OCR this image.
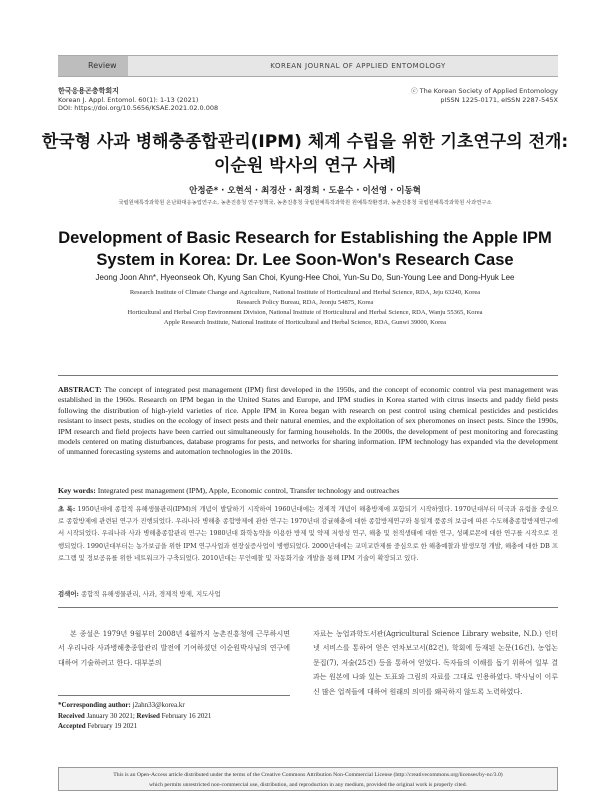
Review	KOREAN JOURNAL OF APPLIED ENTOMOLOGY
한국응용곤충학회지
Korean J. Appl. Entomol. 60(1): 1-13 (2021)
DOI: https://doi.org/10.5656/KSAE.2021.02.0.008
ⓒ The Korean Society of Applied Entomology
pISSN 1225-0171, eISSN 2287-545X
한국형 사과 병해충종합관리(IPM) 체계 수립을 위한 기초연구의 전개: 이순원 박사의 연구 사례
안정준* · 오현석 · 최경산 · 최경희 · 도윤수 · 이선영 · 이동혁
국립원예특작과학원 온난화대응농업연구소, 농촌진흥청 연구정책국, 농촌진흥청 국립원예특작과학원 원예특작환경과, 농촌진흥청 국립원예특작과학원 사과연구소
Development of Basic Research for Establishing the Apple IPM System in Korea: Dr. Lee Soon-Won's Research Case
Jeong Joon Ahn*, Hyeonseok Oh, Kyung San Choi, Kyung-Hee Choi, Yun-Su Do, Sun-Young Lee and Dong-Hyuk Lee
Research Institute of Climate Change and Agriculture, National Institute of Horticultural and Herbal Science, RDA, Jeju 63240, Korea
Research Policy Bureau, RDA, Jeonju 54875, Korea
Horticultural and Herbal Crop Environment Division, National Institute of Horticultural and Herbal Science, RDA, Wanju 55365, Korea
Apple Research Institute, National Institute of Horticultural and Herbal Science, RDA, Gunwi 39000, Korea
ABSTRACT: The concept of integrated pest management (IPM) first developed in the 1950s, and the concept of economic control via pest management was established in the 1960s. Research on IPM began in the United States and Europe, and IPM studies in Korea started with citrus insects and paddy field pests following the distribution of high-yield varieties of rice. Apple IPM in Korea began with research on pest control using chemical pesticides and pesticides resistant to insect pests, studies on the ecology of insect pests and their natural enemies, and the exploitation of sex pheromones on insect pests. Since the 1990s, IPM research and field projects have been carried out simultaneously for farming households. In the 2000s, the development of pest monitoring and forecasting models centered on mating disturbances, database programs for pests, and networks for sharing information. IPM technology has expanded via the development of unmanned forecasting systems and automation technologies in the 2010s.
Key words: Integrated pest management (IPM), Apple, Economic control, Transfer technology and outreaches
초 록: 1950년대에 종합적 유해생물관리(IPM)의 개념이 발달하기 시작하여 1960년대에는 경제적 개념이 해충방제에 포함되기 시작하였다. 1970년대부터 미국과 유럽을 중심으로 종합방제에 관련된 연구가 진행되었다. 우리나라 병해충 종합방제에 관한 연구는 1970년대 감귤해충에 대한 종합방제연구와 통일계 품종의 보급에 따른 수도해충종합방제연구에서 시작되었다. 우리나라 사과 병해충종합관리 연구는 1980년대 화학농약을 이용한 방제 및 약제 저항성 연구, 해충 및 천적생태에 대한 연구, 성페로몬에 대한 연구를 시작으로 진행되었다. 1990년대부터는 농가보급을 위한 IPM 연구사업과 현장실증사업이 병행되었다. 2000년대에는 교미교란제를 중심으로 한 해충예찰과 발생모형 개발, 해충에 대한 DB 프로그램 및 정보공유를 위한 네트워크가 구축되었다. 2010년대는 무인예찰 및 자동화기술 개발을 통해 IPM 기술이 확장되고 있다.
검색어: 종합적 유해생물관리, 사과, 경제적 방제, 지도사업
본 종설은 1979년 9월부터 2008년 4월까지 농촌진흥청에 근무하시면서 우리나라 사과병해충종합관리 발전에 기여하셨던 이순원박사님의 연구에 대하여 기술하려고 한다. 대부분의
자료는 농업과학도서관(Agricultural Science Library website, N.D.) 인터넷 서비스를 통하여 얻은 연차보고서(82건), 학회에 등재된 논문(16건), 농업논문집(7), 저술(25건) 등을 통하여 얻었다. 독자들의 이해를 돕기 위하여 일부 결과는 원본에 나와 있는 도표와 그림의 자료를 그대로 인용하였다. 박사님이 이루신 많은 업적들에 대하여 원래의 의미를 왜곡하지 않도록 노력하였다.
*Corresponding author: j2ahn33@korea.kr
Received January 30 2021; Revised February 16 2021
Accepted February 19 2021
This is an Open-Access article distributed under the terms of the Creative Commons Attribution Non-Commercial License (http://creativecommons.org/licenses/by-nc/3.0)
which permits unrestricted non-commercial use, distribution, and reproduction in any medium, provided the original work is properly cited.
